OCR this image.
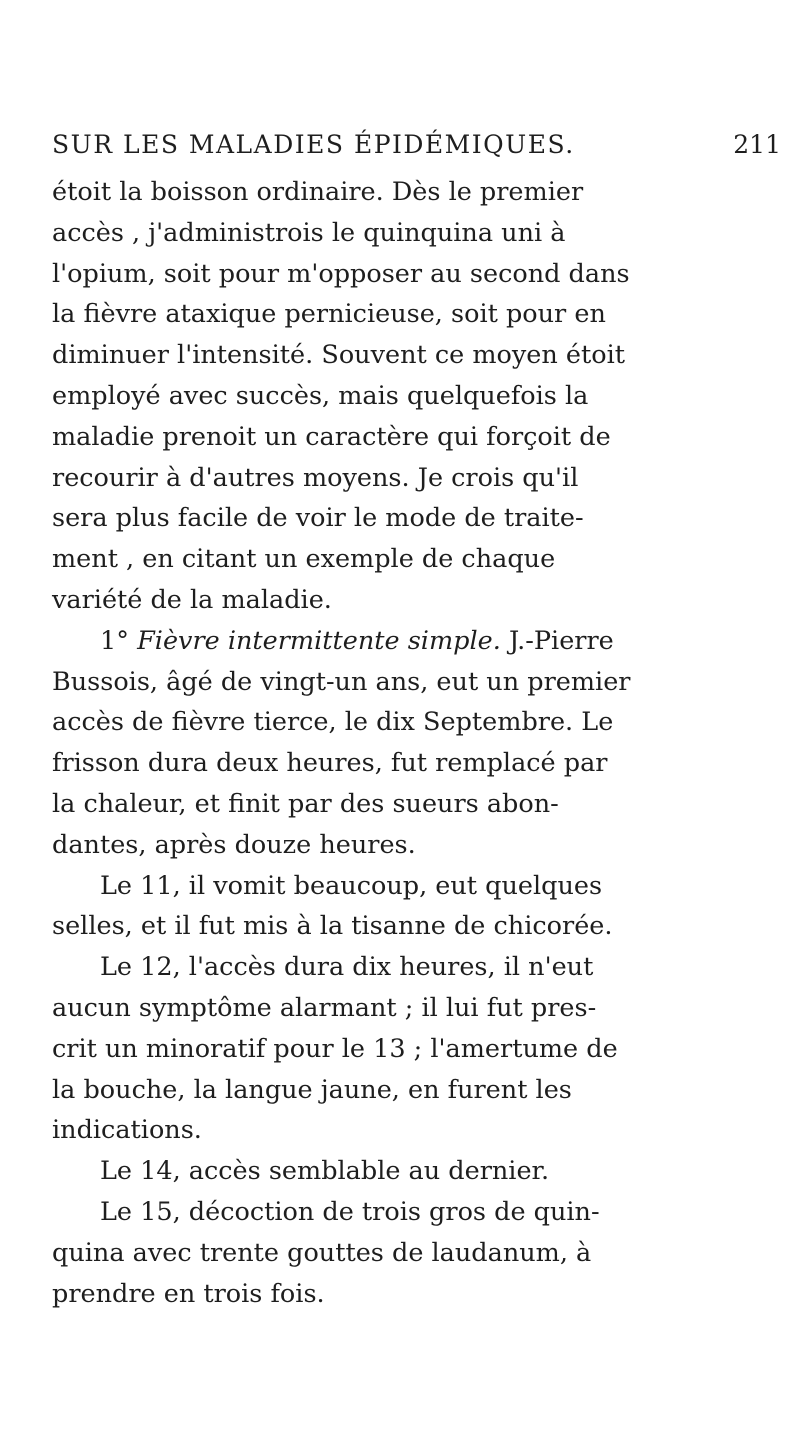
SUR LES MALADIES ÉPIDÉMIQUES.	211
étoit la boisson ordinaire. Dès le premier
accès , j'administrois le quinquina uni à
l'opium, soit pour m'opposer au second dans
la fièvre ataxique pernicieuse, soit pour en
diminuer l'intensité. Souvent ce moyen étoit
employé avec succès, mais quelquefois la
maladie prenoit un caractère qui forçoit de
recourir à d'autres moyens. Je crois qu'il
sera plus facile de voir le mode de traite-
ment , en citant un exemple de chaque
variété de la maladie.
1° Fièvre intermittente simple. J.-Pierre
Bussois, âgé de vingt-un ans, eut un premier
accès de fièvre tierce, le dix Septembre. Le
frisson dura deux heures, fut remplacé par
la chaleur, et finit par des sueurs abon-
dantes, après douze heures.
Le 11, il vomit beaucoup, eut quelques
selles, et il fut mis à la tisanne de chicorée.
Le 12, l'accès dura dix heures, il n'eut
aucun symptôme alarmant ; il lui fut pres-
crit un minoratif pour le 13 ; l'amertume de
la bouche, la langue jaune, en furent les
indications.
Le 14, accès semblable au dernier.
Le 15, décoction de trois gros de quin-
quina avec trente gouttes de laudanum, à
prendre en trois fois.
